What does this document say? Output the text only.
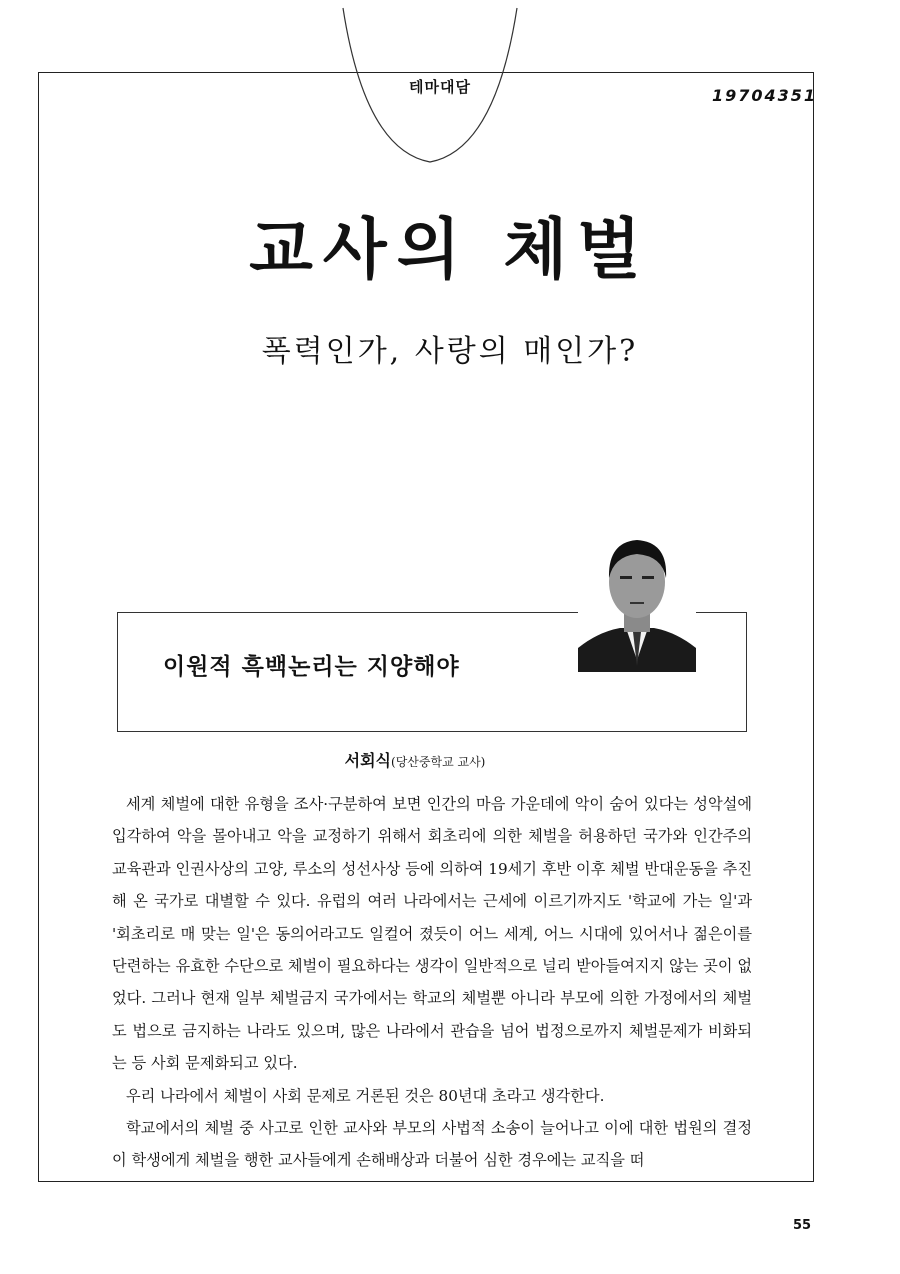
테마대담	19704351
교사의 체벌
폭력인가, 사랑의 매인가?
이원적 흑백논리는 지양해야
서회식(당산중학교 교사)

세계 체벌에 대한 유형을 조사·구분하여 보면 인간의 마음 가운데에 악이 숨어 있다는 성악설에 입각하여 악을 몰아내고 악을 교정하기 위해서 회초리에 의한 체벌을 허용하던 국가와 인간주의 교육관과 인권사상의 고양, 루소의 성선사상 등에 의하여 19세기 후반 이후 체벌 반대운동을 추진해 온 국가로 대별할 수 있다. 유럽의 여러 나라에서는 근세에 이르기까지도 '학교에 가는 일'과 '회초리로 매 맞는 일'은 동의어라고도 일컬어 졌듯이 어느 세계, 어느 시대에 있어서나 젊은이를 단련하는 유효한 수단으로 체벌이 필요하다는 생각이 일반적으로 널리 받아들여지지 않는 곳이 없었다. 그러나 현재 일부 체벌금지 국가에서는 학교의 체벌뿐 아니라 부모에 의한 가정에서의 체벌도 법으로 금지하는 나라도 있으며, 많은 나라에서 관습을 넘어 법정으로까지 체벌문제가 비화되는 등 사회 문제화되고 있다.

우리 나라에서 체벌이 사회 문제로 거론된 것은 80년대 초라고 생각한다.

학교에서의 체벌 중 사고로 인한 교사와 부모의 사법적 소송이 늘어나고 이에 대한 법원의 결정이 학생에게 체벌을 행한 교사들에게 손해배상과 더불어 심한 경우에는 교직을 떠

55
